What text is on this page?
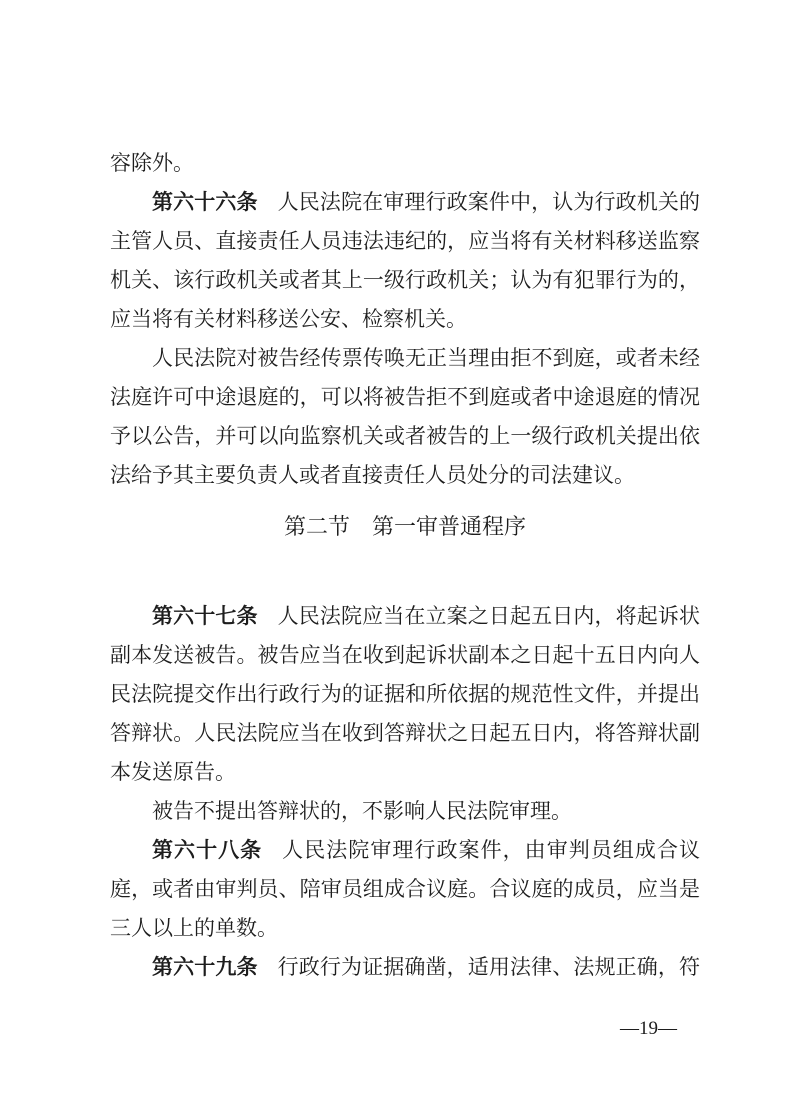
容除外。

第六十六条 人民法院在审理行政案件中，认为行政机关的主管人员、直接责任人员违法违纪的，应当将有关材料移送监察机关、该行政机关或者其上一级行政机关；认为有犯罪行为的，应当将有关材料移送公安、检察机关。

人民法院对被告经传票传唤无正当理由拒不到庭，或者未经法庭许可中途退庭的，可以将被告拒不到庭或者中途退庭的情况予以公告，并可以向监察机关或者被告的上一级行政机关提出依法给予其主要负责人或者直接责任人员处分的司法建议。

第二节　第一审普通程序

第六十七条 人民法院应当在立案之日起五日内，将起诉状副本发送被告。被告应当在收到起诉状副本之日起十五日内向人民法院提交作出行政行为的证据和所依据的规范性文件，并提出答辩状。人民法院应当在收到答辩状之日起五日内，将答辩状副本发送原告。

被告不提出答辩状的，不影响人民法院审理。

第六十八条 人民法院审理行政案件，由审判员组成合议庭，或者由审判员、陪审员组成合议庭。合议庭的成员，应当是三人以上的单数。

第六十九条 行政行为证据确凿，适用法律、法规正确，符

—19—
